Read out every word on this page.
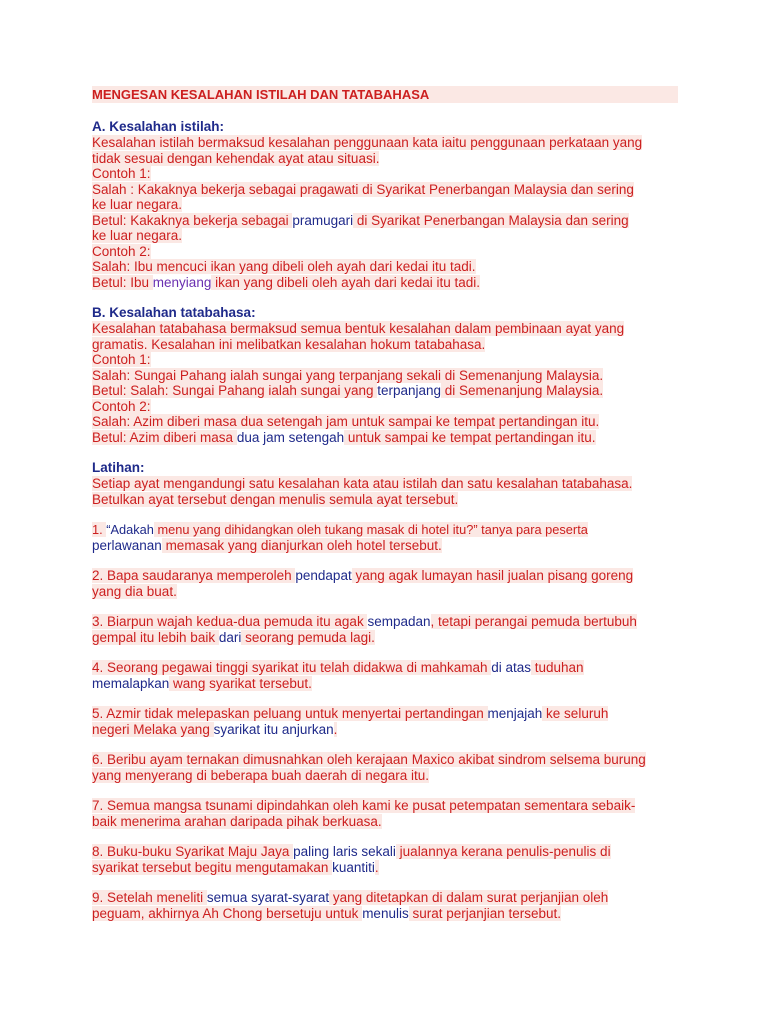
MENGESAN KESALAHAN ISTILAH DAN TATABAHASA

A. Kesalahan istilah:

Kesalahan istilah bermaksud kesalahan penggunaan kata iaitu penggunaan perkataan yang

tidak sesuai dengan kehendak ayat atau situasi.

Contoh 1:

Salah : Kakaknya bekerja sebagai pragawati di Syarikat Penerbangan Malaysia dan sering

ke luar negara.

Betul: Kakaknya bekerja sebagai pramugari di Syarikat Penerbangan Malaysia dan sering

ke luar negara.

Contoh 2:

Salah: Ibu mencuci ikan yang dibeli oleh ayah dari kedai itu tadi.

Betul: Ibu menyiang ikan yang dibeli oleh ayah dari kedai itu tadi.

B. Kesalahan tatabahasa:

Kesalahan tatabahasa bermaksud semua bentuk kesalahan dalam pembinaan ayat yang

gramatis. Kesalahan ini melibatkan kesalahan hokum tatabahasa.

Contoh 1:

Salah: Sungai Pahang ialah sungai yang terpanjang sekali di Semenanjung Malaysia.

Betul: Salah: Sungai Pahang ialah sungai yang terpanjang di Semenanjung Malaysia.

Contoh 2:

Salah: Azim diberi masa dua setengah jam untuk sampai ke tempat pertandingan itu.

Betul: Azim diberi masa dua jam setengah untuk sampai ke tempat pertandingan itu.

Latihan:

Setiap ayat mengandungi satu kesalahan kata atau istilah dan satu kesalahan tatabahasa.

Betulkan ayat tersebut dengan menulis semula ayat tersebut.

1. “Adakah menu yang dihidangkan oleh tukang masak di hotel itu?” tanya para peserta

perlawanan memasak yang dianjurkan oleh hotel tersebut.

2. Bapa saudaranya memperoleh pendapat yang agak lumayan hasil jualan pisang goreng

yang dia buat.

3. Biarpun wajah kedua-dua pemuda itu agak sempadan, tetapi perangai pemuda bertubuh

gempal itu lebih baik dari seorang pemuda lagi.

4. Seorang pegawai tinggi syarikat itu telah didakwa di mahkamah di atas tuduhan

memalapkan wang syarikat tersebut.

5. Azmir tidak melepaskan peluang untuk menyertai pertandingan menjajah ke seluruh

negeri Melaka yang syarikat itu anjurkan.

6. Beribu ayam ternakan dimusnahkan oleh kerajaan Maxico akibat sindrom selsema burung

yang menyerang di beberapa buah daerah di negara itu.

7. Semua mangsa tsunami dipindahkan oleh kami ke pusat petempatan sementara sebaik-

baik menerima arahan daripada pihak berkuasa.

8. Buku-buku Syarikat Maju Jaya paling laris sekali jualannya kerana penulis-penulis di

syarikat tersebut begitu mengutamakan kuantiti.

9. Setelah meneliti semua syarat-syarat yang ditetapkan di dalam surat perjanjian oleh

peguam, akhirnya Ah Chong bersetuju untuk menulis surat perjanjian tersebut.
